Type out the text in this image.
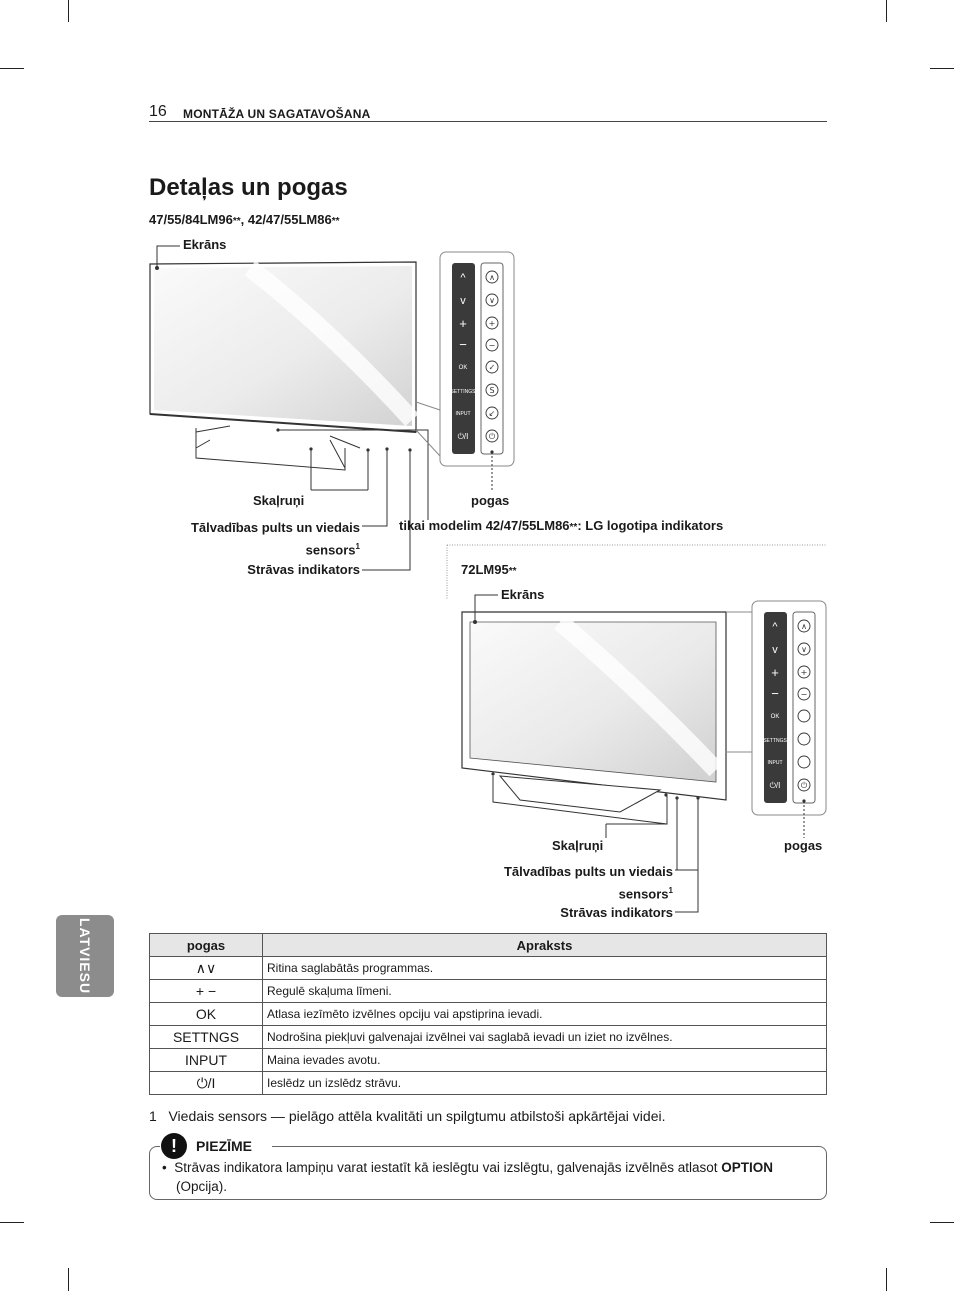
16 MONTĀŽA UN SAGATAVOŠANA
Detaļas un pogas
47/55/84LM96**, 42/47/55LM86**
^
v
+
−
OK
SETTINGS
INPUT
⏻/I
∧
∨
+
−
✓
S
↙
⏻
Ekrāns
Skaļruņi	pogas
Tālvadības pults un viedais
sensors$^1$
Strāvas indikators
tikai modelim 42/47/55LM86**: LG logotipa indikators
^
v
+
−
OK
SETTNGS
INPUT
⏻/I
∧
∨
+
−
⏻
72LM95**
Ekrāns
Skaļruņi	pogas
Tālvadības pults un viedais
sensors$^1$
Strāvas indikators
LATVIESU	pogas	Apraksts
∧∨	Ritina saglabātās programmas.
+ −	Regulē skaļuma līmeni.
OK	Atlasa iezīmēto izvēlnes opciju vai apstiprina ievadi.
SETTNGS	Nodrošina piekļuvi galvenajai izvēlnei vai saglabā ievadi un iziet no izvēlnes.
INPUT	Maina ievades avotu.
⏻/I	Ieslēdz un izslēdz strāvu.
1 Viedais sensors — pielāgo attēla kvalitāti un spilgtumu atbilstoši apkārtējai videi.
!	PIEZĪME
• Strāvas indikatora lampiņu varat iestatīt kā ieslēgtu vai izslēgtu, galvenajās izvēlnēs atlasot OPTION
(Opcija).
